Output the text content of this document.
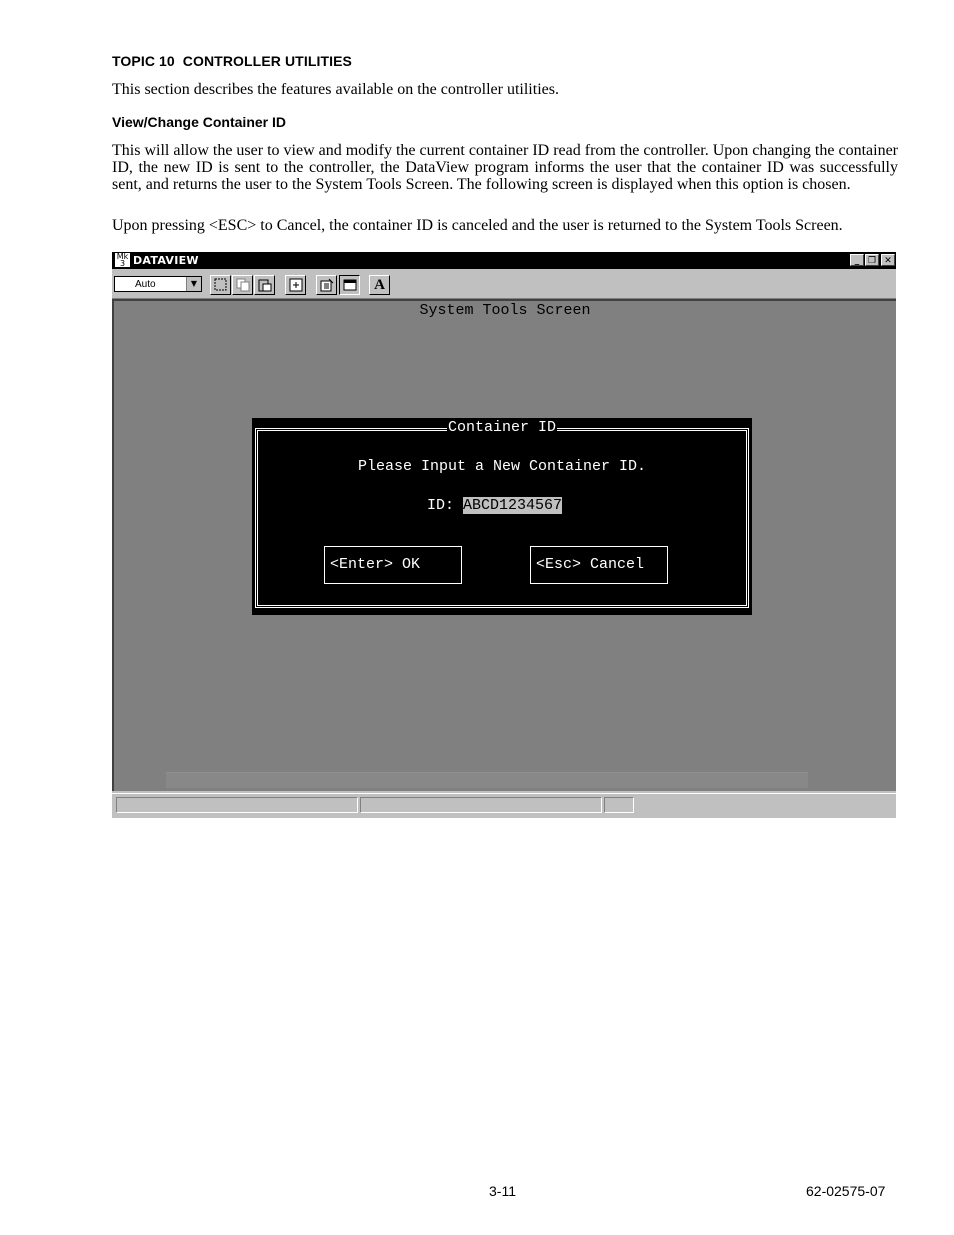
TOPIC 10  CONTROLLER UTILITIES
This section describes the features available on the controller utilities.
View/Change Container ID
This will allow the user to view and modify the current container ID read from the controller. Upon changing the container ID, the new ID is sent to the controller, the DataView program informs the user that the container ID was successfully sent, and returns the user to the System Tools Screen. The following screen is displayed when this option is chosen.
Upon pressing <ESC> to Cancel, the container ID is canceled and the user is returned to the System Tools Screen.
Mk 3 DATAVIEW	_ ❐ ✕
Auto	▼	A
System Tools Screen
Container ID
Please Input a New Container ID.
ID: ABCD1234567
<Enter> OK	<Esc> Cancel
3-11	62-02575-07
